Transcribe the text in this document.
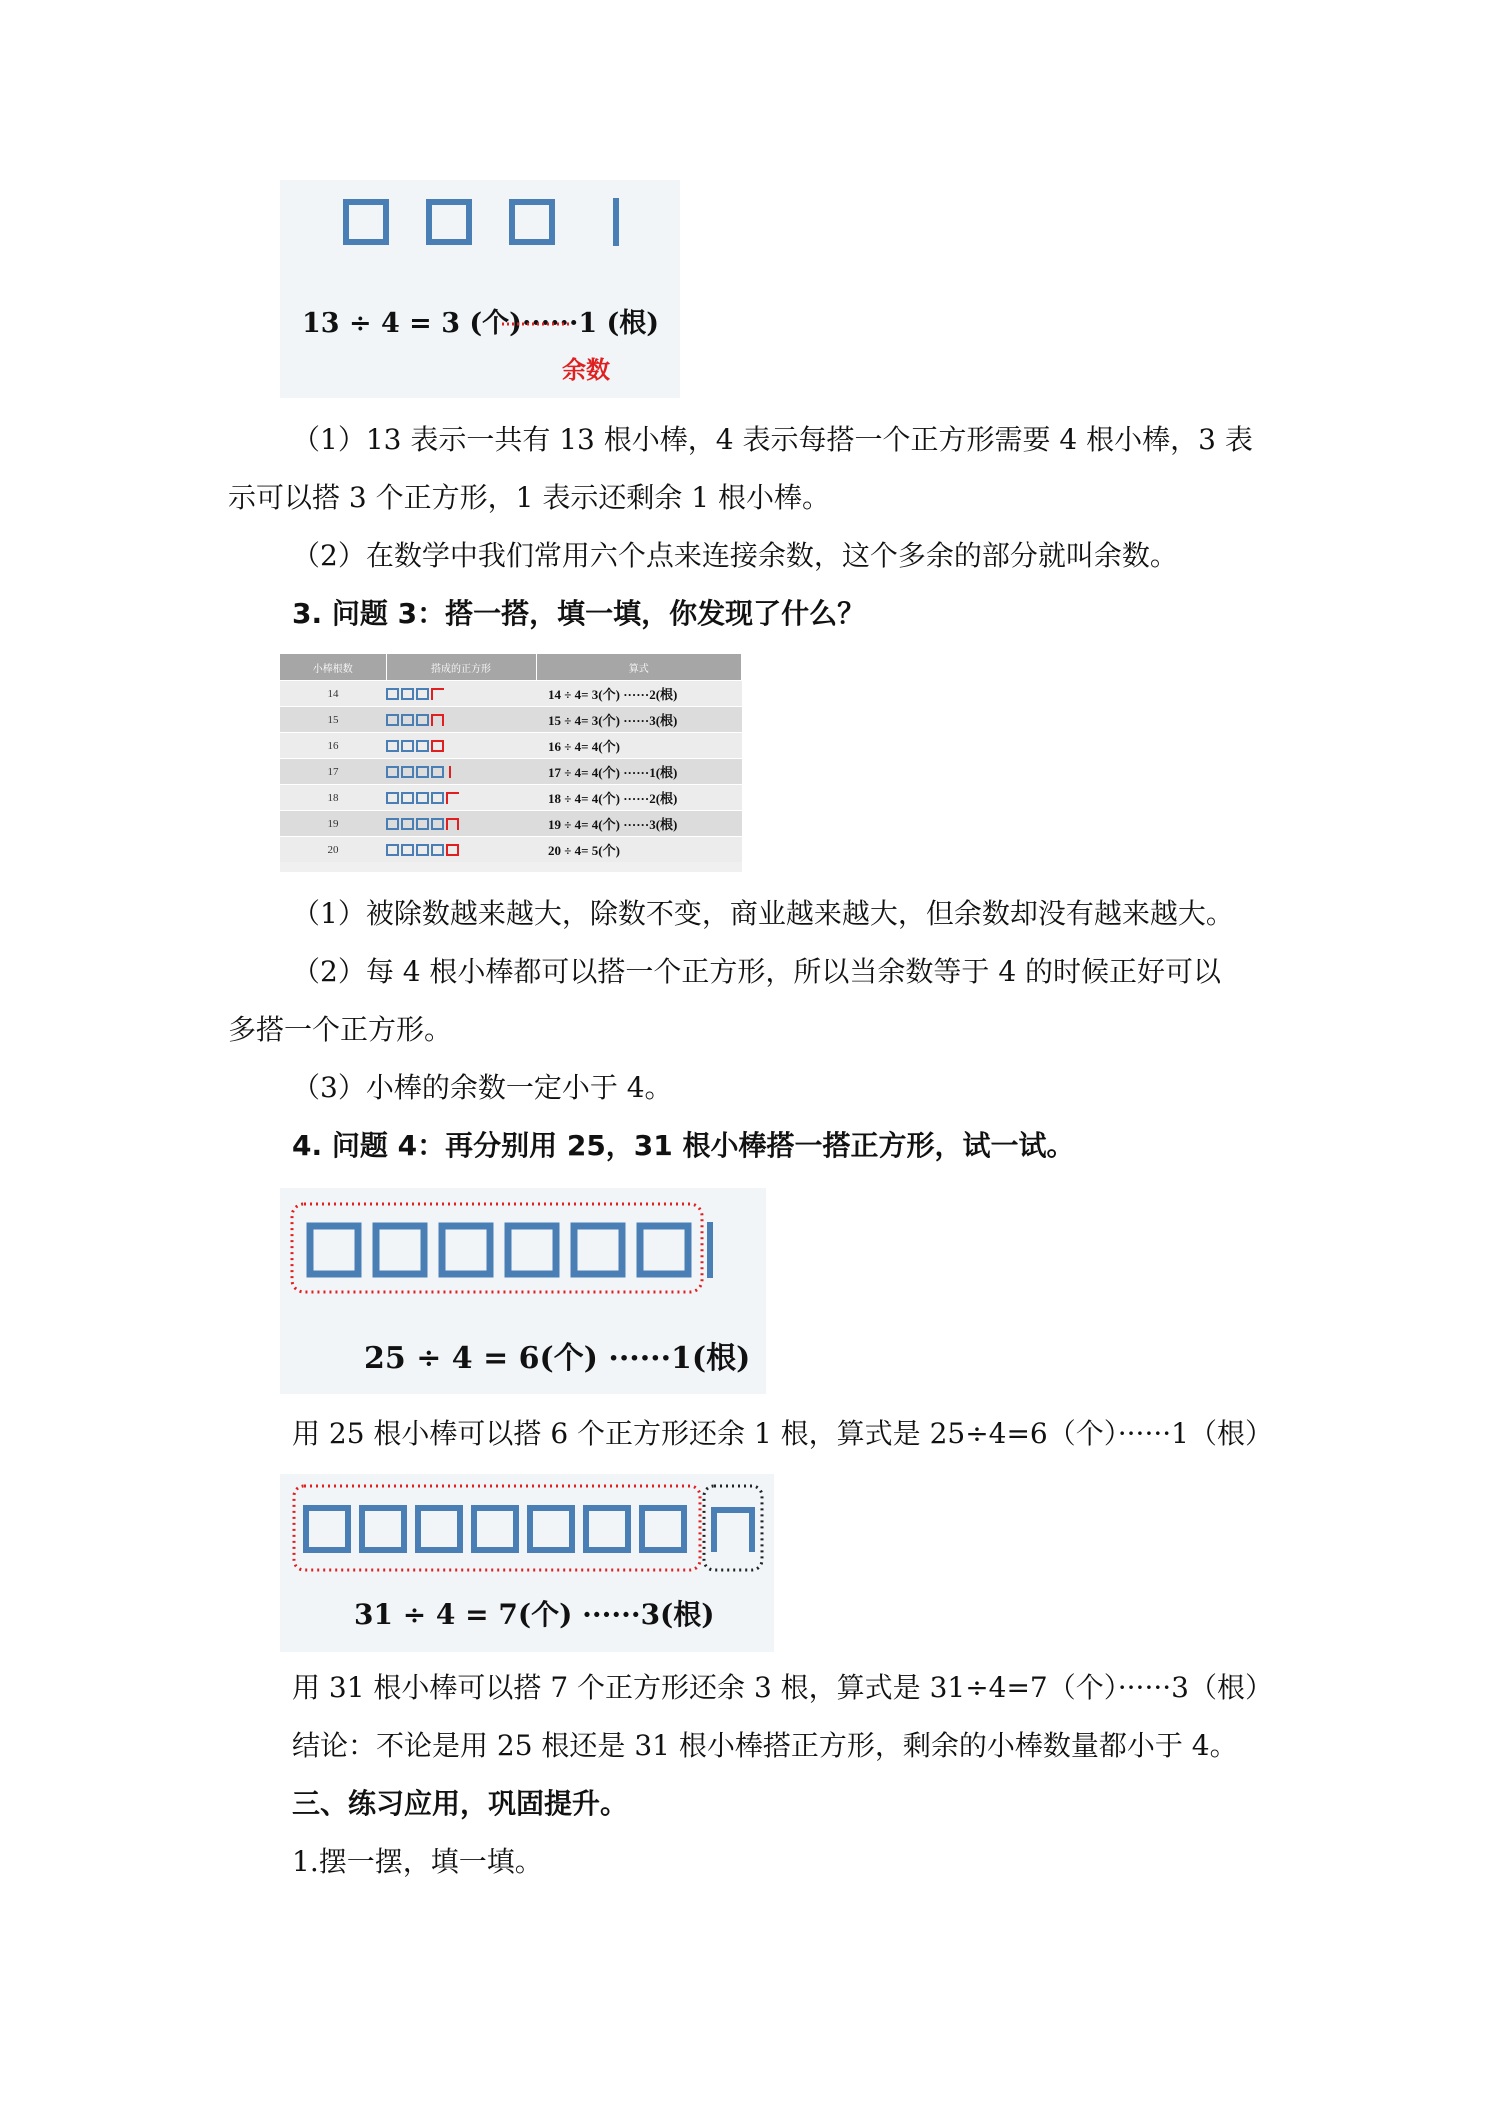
13 ÷ 4 = 3 (个)······1 (根)
余数

（1）13 表示一共有 13 根小棒，4 表示每搭一个正方形需要 4 根小棒，3 表

示可以搭 3 个正方形，1 表示还剩余 1 根小棒。

（2）在数学中我们常用六个点来连接余数，这个多余的部分就叫余数。

3. 问题 3：搭一搭，填一填，你发现了什么？

小棒根数	搭成的正方形	算式
14		14 ÷ 4= 3(个) ······2(根)
15		15 ÷ 4= 3(个) ······3(根)
16		16 ÷ 4= 4(个)
17		17 ÷ 4= 4(个) ······1(根)
18		18 ÷ 4= 4(个) ······2(根)
19		19 ÷ 4= 4(个) ······3(根)
20		20 ÷ 4= 5(个)

（1）被除数越来越大，除数不变，商业越来越大，但余数却没有越来越大。

（2）每 4 根小棒都可以搭一个正方形，所以当余数等于 4 的时候正好可以

多搭一个正方形。

（3）小棒的余数一定小于 4。

4. 问题 4：再分别用 25，31 根小棒搭一搭正方形，试一试。

25 ÷ 4 = 6(个) ······1(根)

用 25 根小棒可以搭 6 个正方形还余 1 根，算式是 25÷4=6（个）······1（根）

31 ÷ 4 = 7(个) ······3(根)

用 31 根小棒可以搭 7 个正方形还余 3 根，算式是 31÷4=7（个）······3（根）

结论：不论是用 25 根还是 31 根小棒搭正方形，剩余的小棒数量都小于 4。

三、练习应用，巩固提升。

1.摆一摆，填一填。
